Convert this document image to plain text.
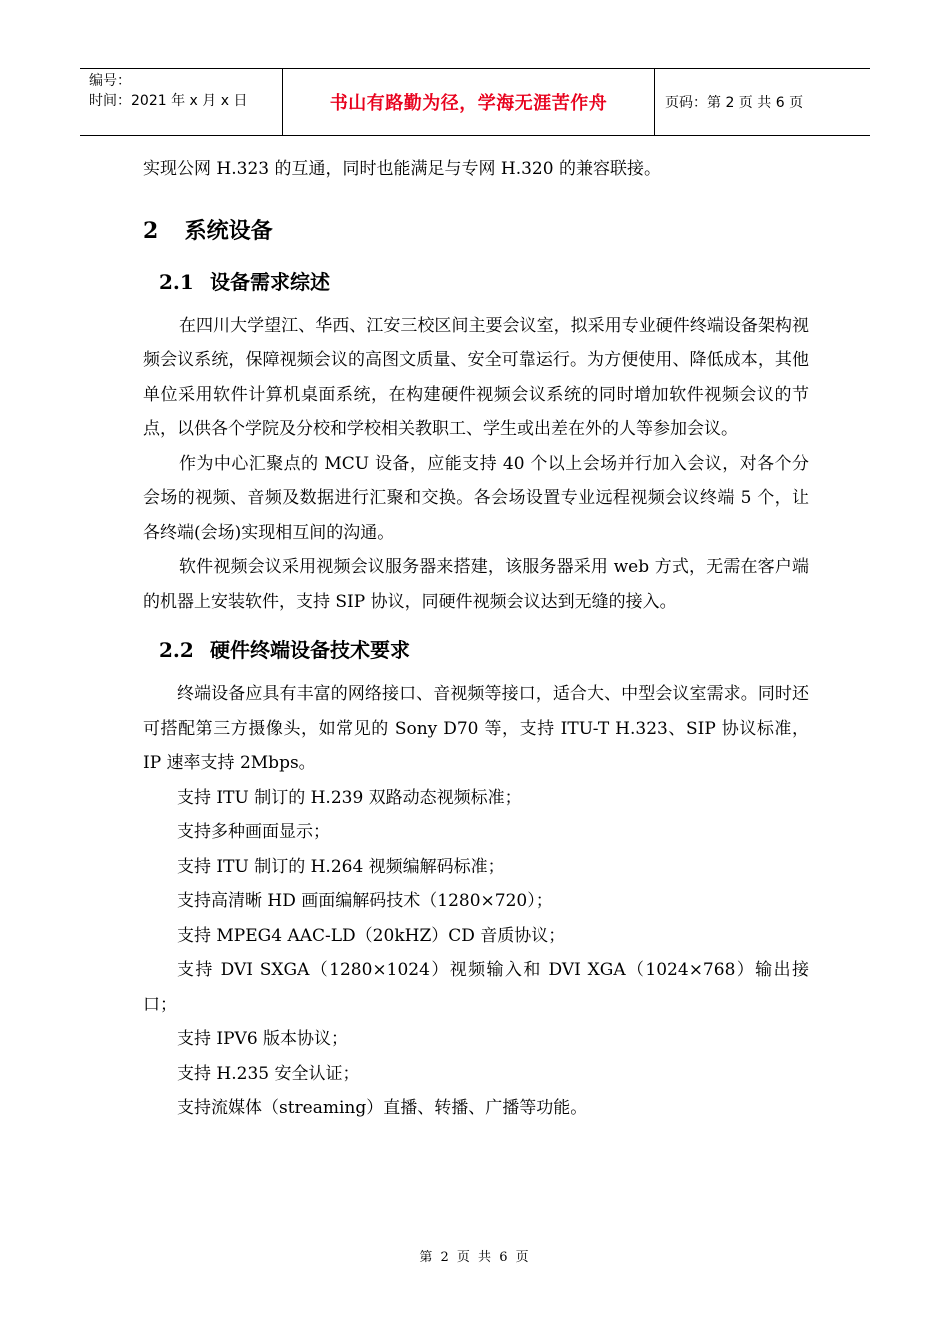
编号：
时间：2021 年 x 月 x 日	书山有路勤为径，学海无涯苦作舟	页码：第 2 页 共 6 页

实现公网 H.323 的互通，同时也能满足与专网 H.320 的兼容联接。

2 系统设备
2.1 设备需求综述

在四川大学望江、华西、江安三校区间主要会议室，拟采用专业硬件终端设备架构视频会议系统，保障视频会议的高图文质量、安全可靠运行。为方便使用、降低成本，其他单位采用软件计算机桌面系统，在构建硬件视频会议系统的同时增加软件视频会议的节点，以供各个学院及分校和学校相关教职工、学生或出差在外的人等参加会议。

作为中心汇聚点的 MCU 设备，应能支持 40 个以上会场并行加入会议，对各个分会场的视频、音频及数据进行汇聚和交换。各会场设置专业远程视频会议终端 5 个，让各终端(会场)实现相互间的沟通。

软件视频会议采用视频会议服务器来搭建，该服务器采用 web 方式，无需在客户端的机器上安装软件，支持 SIP 协议，同硬件视频会议达到无缝的接入。

2.2 硬件终端设备技术要求

终端设备应具有丰富的网络接口、音视频等接口，适合大、中型会议室需求。同时还可搭配第三方摄像头，如常见的 Sony D70 等，支持 ITU-T H.323、SIP 协议标准，IP 速率支持 2Mbps。

支持 ITU 制订的 H.239 双路动态视频标准；

支持多种画面显示；

支持 ITU 制订的 H.264 视频编解码标准；

支持高清晰 HD 画面编解码技术（1280×720）；

支持 MPEG4 AAC-LD（20kHZ）CD 音质协议；

支持 DVI SXGA（1280×1024）视频输入和 DVI XGA（1024×768）输出接口；

支持 IPV6 版本协议；

支持 H.235 安全认证；

支持流媒体（streaming）直播、转播、广播等功能。

第 2 页 共 6 页
